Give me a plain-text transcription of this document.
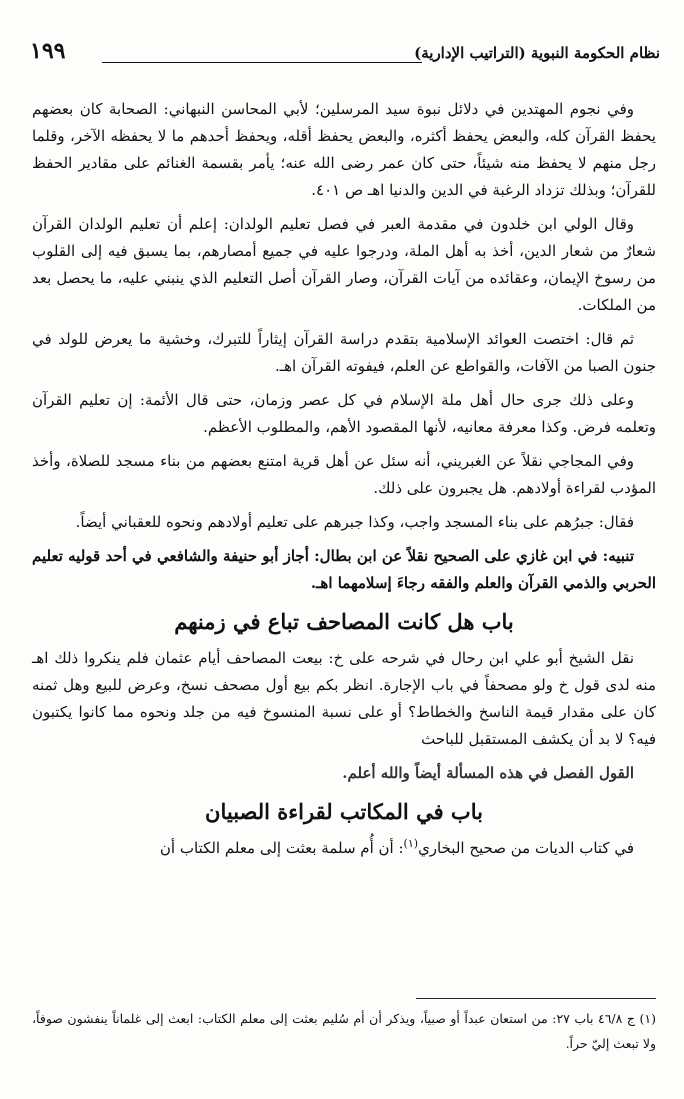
نظام الحكومة النبوية (التراتيب الإدارية)
١٩٩

وفي نجوم المهتدين في دلائل نبوة سيد المرسلين؛ لأبي المحاسن النبهاني: الصحابة كان بعضهم يحفظ القرآن كله، والبعض يحفظ أكثره، والبعض يحفظ أقله، ويحفظ أحدهم ما لا يحفظه الآخر، وقلما رجل منهم لا يحفظ منه شيئاً، حتى كان عمر رضى الله عنه؛ يأمر بقسمة الغنائم على مقادير الحفظ للقرآن؛ وبذلك تزداد الرغبة في الدين والدنيا اهـ ص ٤٠١.

وقال الولي ابن خلدون في مقدمة العبر في فصل تعليم الولدان: إعلم أن تعليم الولدان القرآن شعارٌ من شعار الدين، أخذ به أهل الملة، ودرجوا عليه في جميع أمصارهم، بما يسبق فيه إلى القلوب من رسوخ الإيمان، وعقائده من آيات القرآن، وصار القرآن أصل التعليم الذي ينبني عليه، ما يحصل بعد من الملكات.

ثم قال: اختصت العوائد الإسلامية بتقدم دراسة القرآن إيثاراً للتبرك، وخشية ما يعرض للولد في جنون الصبا من الآفات، والقواطع عن العلم، فيفوته القرآن اهـ.

وعلى ذلك جرى حال أهل ملة الإسلام في كل عصر وزمان، حتى قال الأئمة: إن تعليم القرآن وتعلمه فرض. وكذا معرفة معانيه، لأنها المقصود الأهم، والمطلوب الأعظم.

وفي المجاجي نقلاً عن الغبريني، أنه سئل عن أهل قرية امتنع بعضهم من بناء مسجد للصلاة، وأخذ المؤدب لقراءة أولادهم. هل يجبرون على ذلك.

فقال: جبرُهم على بناء المسجد واجب، وكذا جبرهم على تعليم أولادهم ونحوه للعقباني أيضاً.

تنبيه: في ابن غازي على الصحيح نقلاً عن ابن بطال: أجاز أبو حنيفة والشافعي في أحد قوليه تعليم الحربي والذمي القرآن والعلم والفقه رجاءَ إسلامهما اهـ.

باب هل كانت المصاحف تباع في زمنهم

نقل الشيخ أبو علي ابن رحال في شرحه على خ: بيعت المصاحف أيام عثمان فلم ينكروا ذلك اهـ منه لدى قول خ ولو مصحفاً في باب الإجارة. انظر بكم بيع أول مصحف نسخ، وعرض للبيع وهل ثمنه كان على مقدار قيمة الناسخ والخطاط؟ أو على نسبة المنسوخ فيه من جلد ونحوه مما كانوا يكتبون فيه؟ لا بد أن يكشف المستقبل للباحث

القول الفصل في هذه المسألة أيضاً والله أعلم.

باب في المكاتب لقراءة الصبيان

في كتاب الديات من صحيح البخاري$^{(١)}$: أن أُم سلمة بعثت إلى معلم الكتاب أن

(١) ج ٤٦/٨ باب ٢٧: من استعان عبداً أو صبياً، ويذكر أن أم سُليم بعثت إلى معلم الكتاب: ابعث إلى غلماناً ينفشون صوفاً، ولا تبعث إليّ حراً.
